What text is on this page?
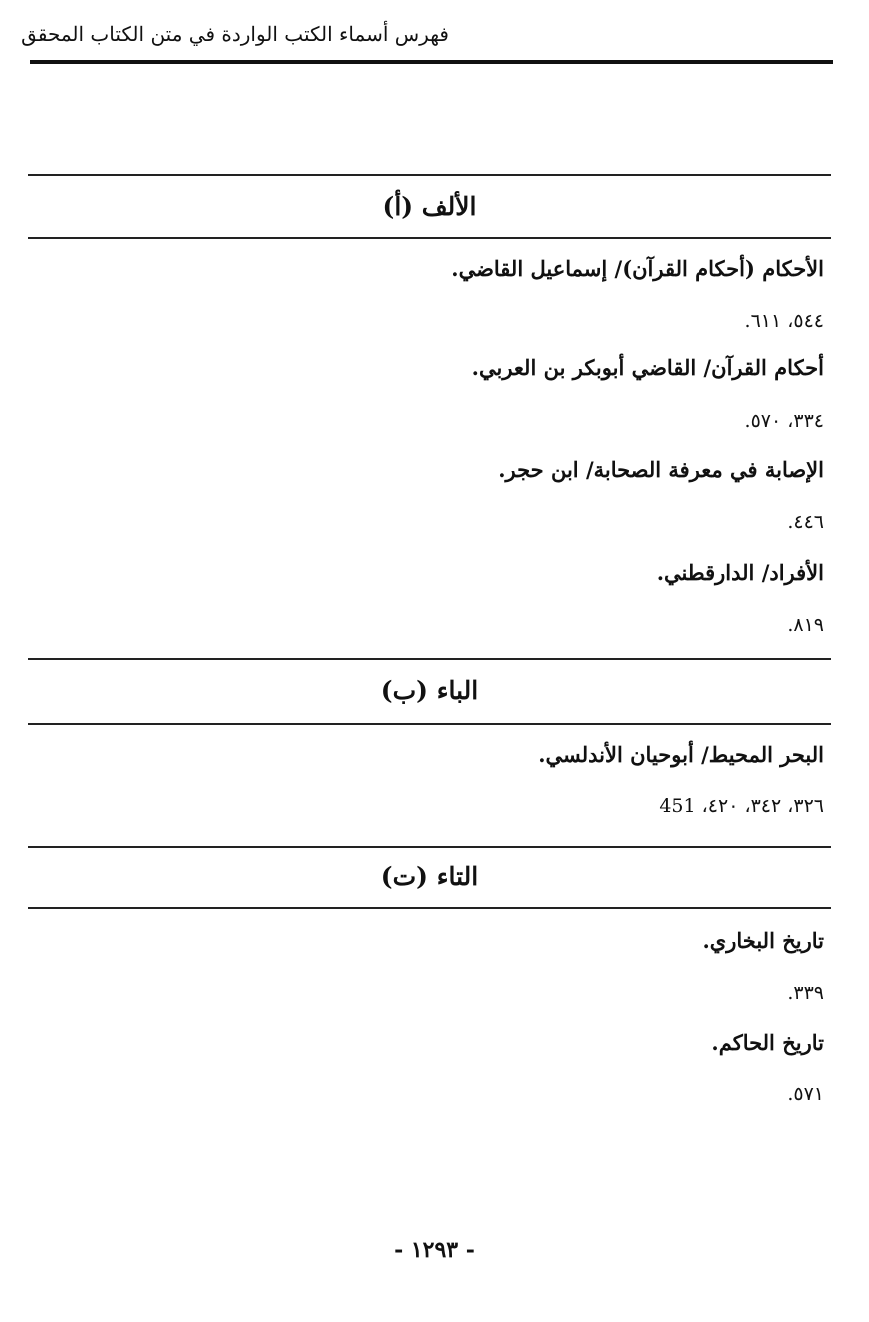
فهرس أسماء الكتب الواردة في متن الكتاب المحقق
الألف (أ)
الأحكام (أحكام القرآن)/ إسماعيل القاضي.
٥٤٤، ٦١١.
أحكام القرآن/ القاضي أبوبكر بن العربي.
٣٣٤، ٥٧٠.
الإصابة في معرفة الصحابة/ ابن حجر.
٤٤٦.
الأفراد/ الدارقطني.
٨١٩.
الباء (ب)
البحر المحيط/ أبوحيان الأندلسي.
٣٢٦، ٣٤٢، ٤٢٠، 451
التاء (ت)
تاريخ البخاري.
٣٣٩.
تاريخ الحاكم.
٥٧١.
- ١٢٩٣ -
